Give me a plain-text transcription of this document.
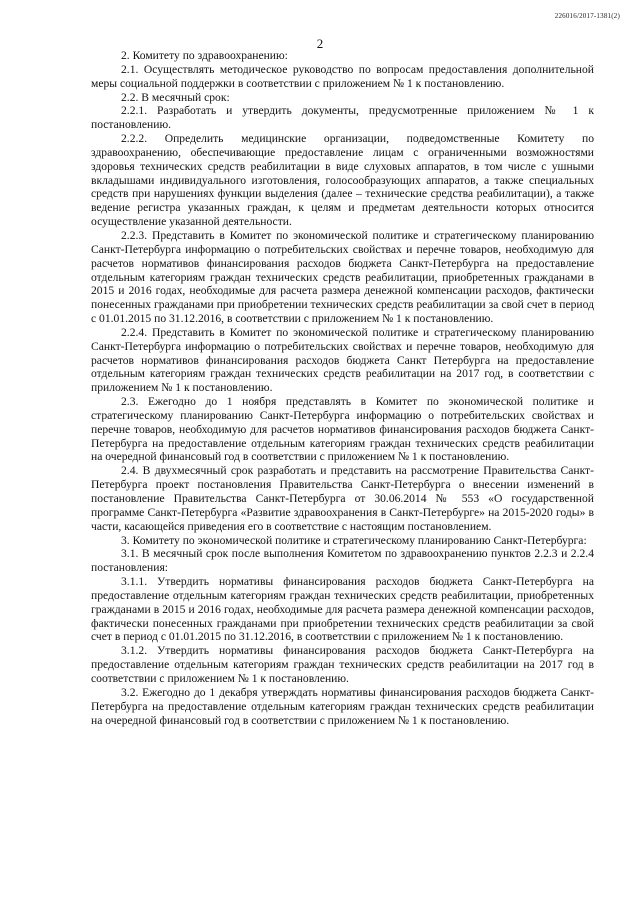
226016/2017-1381(2)
2

2. Комитету по здравоохранению:

2.1. Осуществлять методическое руководство по вопросам предоставления дополнительной меры социальной поддержки в соответствии с приложением № 1 к постановлению.

2.2. В месячный срок:

2.2.1. Разработать и утвердить документы, предусмотренные приложением № 1 к постановлению.

2.2.2. Определить медицинские организации, подведомственные Комитету по здравоохранению, обеспечивающие предоставление лицам с ограниченными возможностями здоровья технических средств реабилитации в виде слуховых аппаратов, в том числе с ушными вкладышами индивидуального изготовления, голосообразующих аппаратов, а также специальных средств при нарушениях функции выделения (далее – технические средства реабилитации), а также ведение регистра указанных граждан, к целям и предметам деятельности которых относится осуществление указанной деятельности.

2.2.3. Представить в Комитет по экономической политике и стратегическому планированию Санкт-Петербурга информацию о потребительских свойствах и перечне товаров, необходимую для расчетов нормативов финансирования расходов бюджета Санкт-Петербурга на предоставление отдельным категориям граждан технических средств реабилитации, приобретенных гражданами в 2015 и 2016 годах, необходимые для расчета размера денежной компенсации расходов, фактически понесенных гражданами при приобретении технических средств реабилитации за свой счет в период с 01.01.2015 по 31.12.2016, в соответствии с приложением № 1 к постановлению.

2.2.4. Представить в Комитет по экономической политике и стратегическому планированию Санкт-Петербурга информацию о потребительских свойствах и перечне товаров, необходимую для расчетов нормативов финансирования расходов бюджета Санкт Петербурга на предоставление отдельным категориям граждан технических средств реабилитации на 2017 год, в соответствии с приложением № 1 к постановлению.

2.3. Ежегодно до 1 ноября представлять в Комитет по экономической политике и стратегическому планированию Санкт-Петербурга информацию о потребительских свойствах и перечне товаров, необходимую для расчетов нормативов финансирования расходов бюджета Санкт-Петербурга на предоставление отдельным категориям граждан технических средств реабилитации на очередной финансовый год в соответствии с приложением № 1 к постановлению.

2.4. В двухмесячный срок разработать и представить на рассмотрение Правительства Санкт-Петербурга проект постановления Правительства Санкт-Петербурга о внесении изменений в постановление Правительства Санкт-Петербурга от 30.06.2014 № 553 «О государственной программе Санкт-Петербурга «Развитие здравоохранения в Санкт-Петербурге» на 2015-2020 годы» в части, касающейся приведения его в соответствие с настоящим постановлением.

3. Комитету по экономической политике и стратегическому планированию Санкт-Петербурга:

3.1. В месячный срок после выполнения Комитетом по здравоохранению пунктов 2.2.3 и 2.2.4 постановления:

3.1.1. Утвердить нормативы финансирования расходов бюджета Санкт-Петербурга на предоставление отдельным категориям граждан технических средств реабилитации, приобретенных гражданами в 2015 и 2016 годах, необходимые для расчета размера денежной компенсации расходов, фактически понесенных гражданами при приобретении технических средств реабилитации за свой счет в период с 01.01.2015 по 31.12.2016, в соответствии с приложением № 1 к постановлению.

3.1.2. Утвердить нормативы финансирования расходов бюджета Санкт-Петербурга на предоставление отдельным категориям граждан технических средств реабилитации на 2017 год в соответствии с приложением № 1 к постановлению.

3.2. Ежегодно до 1 декабря утверждать нормативы финансирования расходов бюджета Санкт-Петербурга на предоставление отдельным категориям граждан технических средств реабилитации на очередной финансовый год в соответствии с приложением № 1 к постановлению.
